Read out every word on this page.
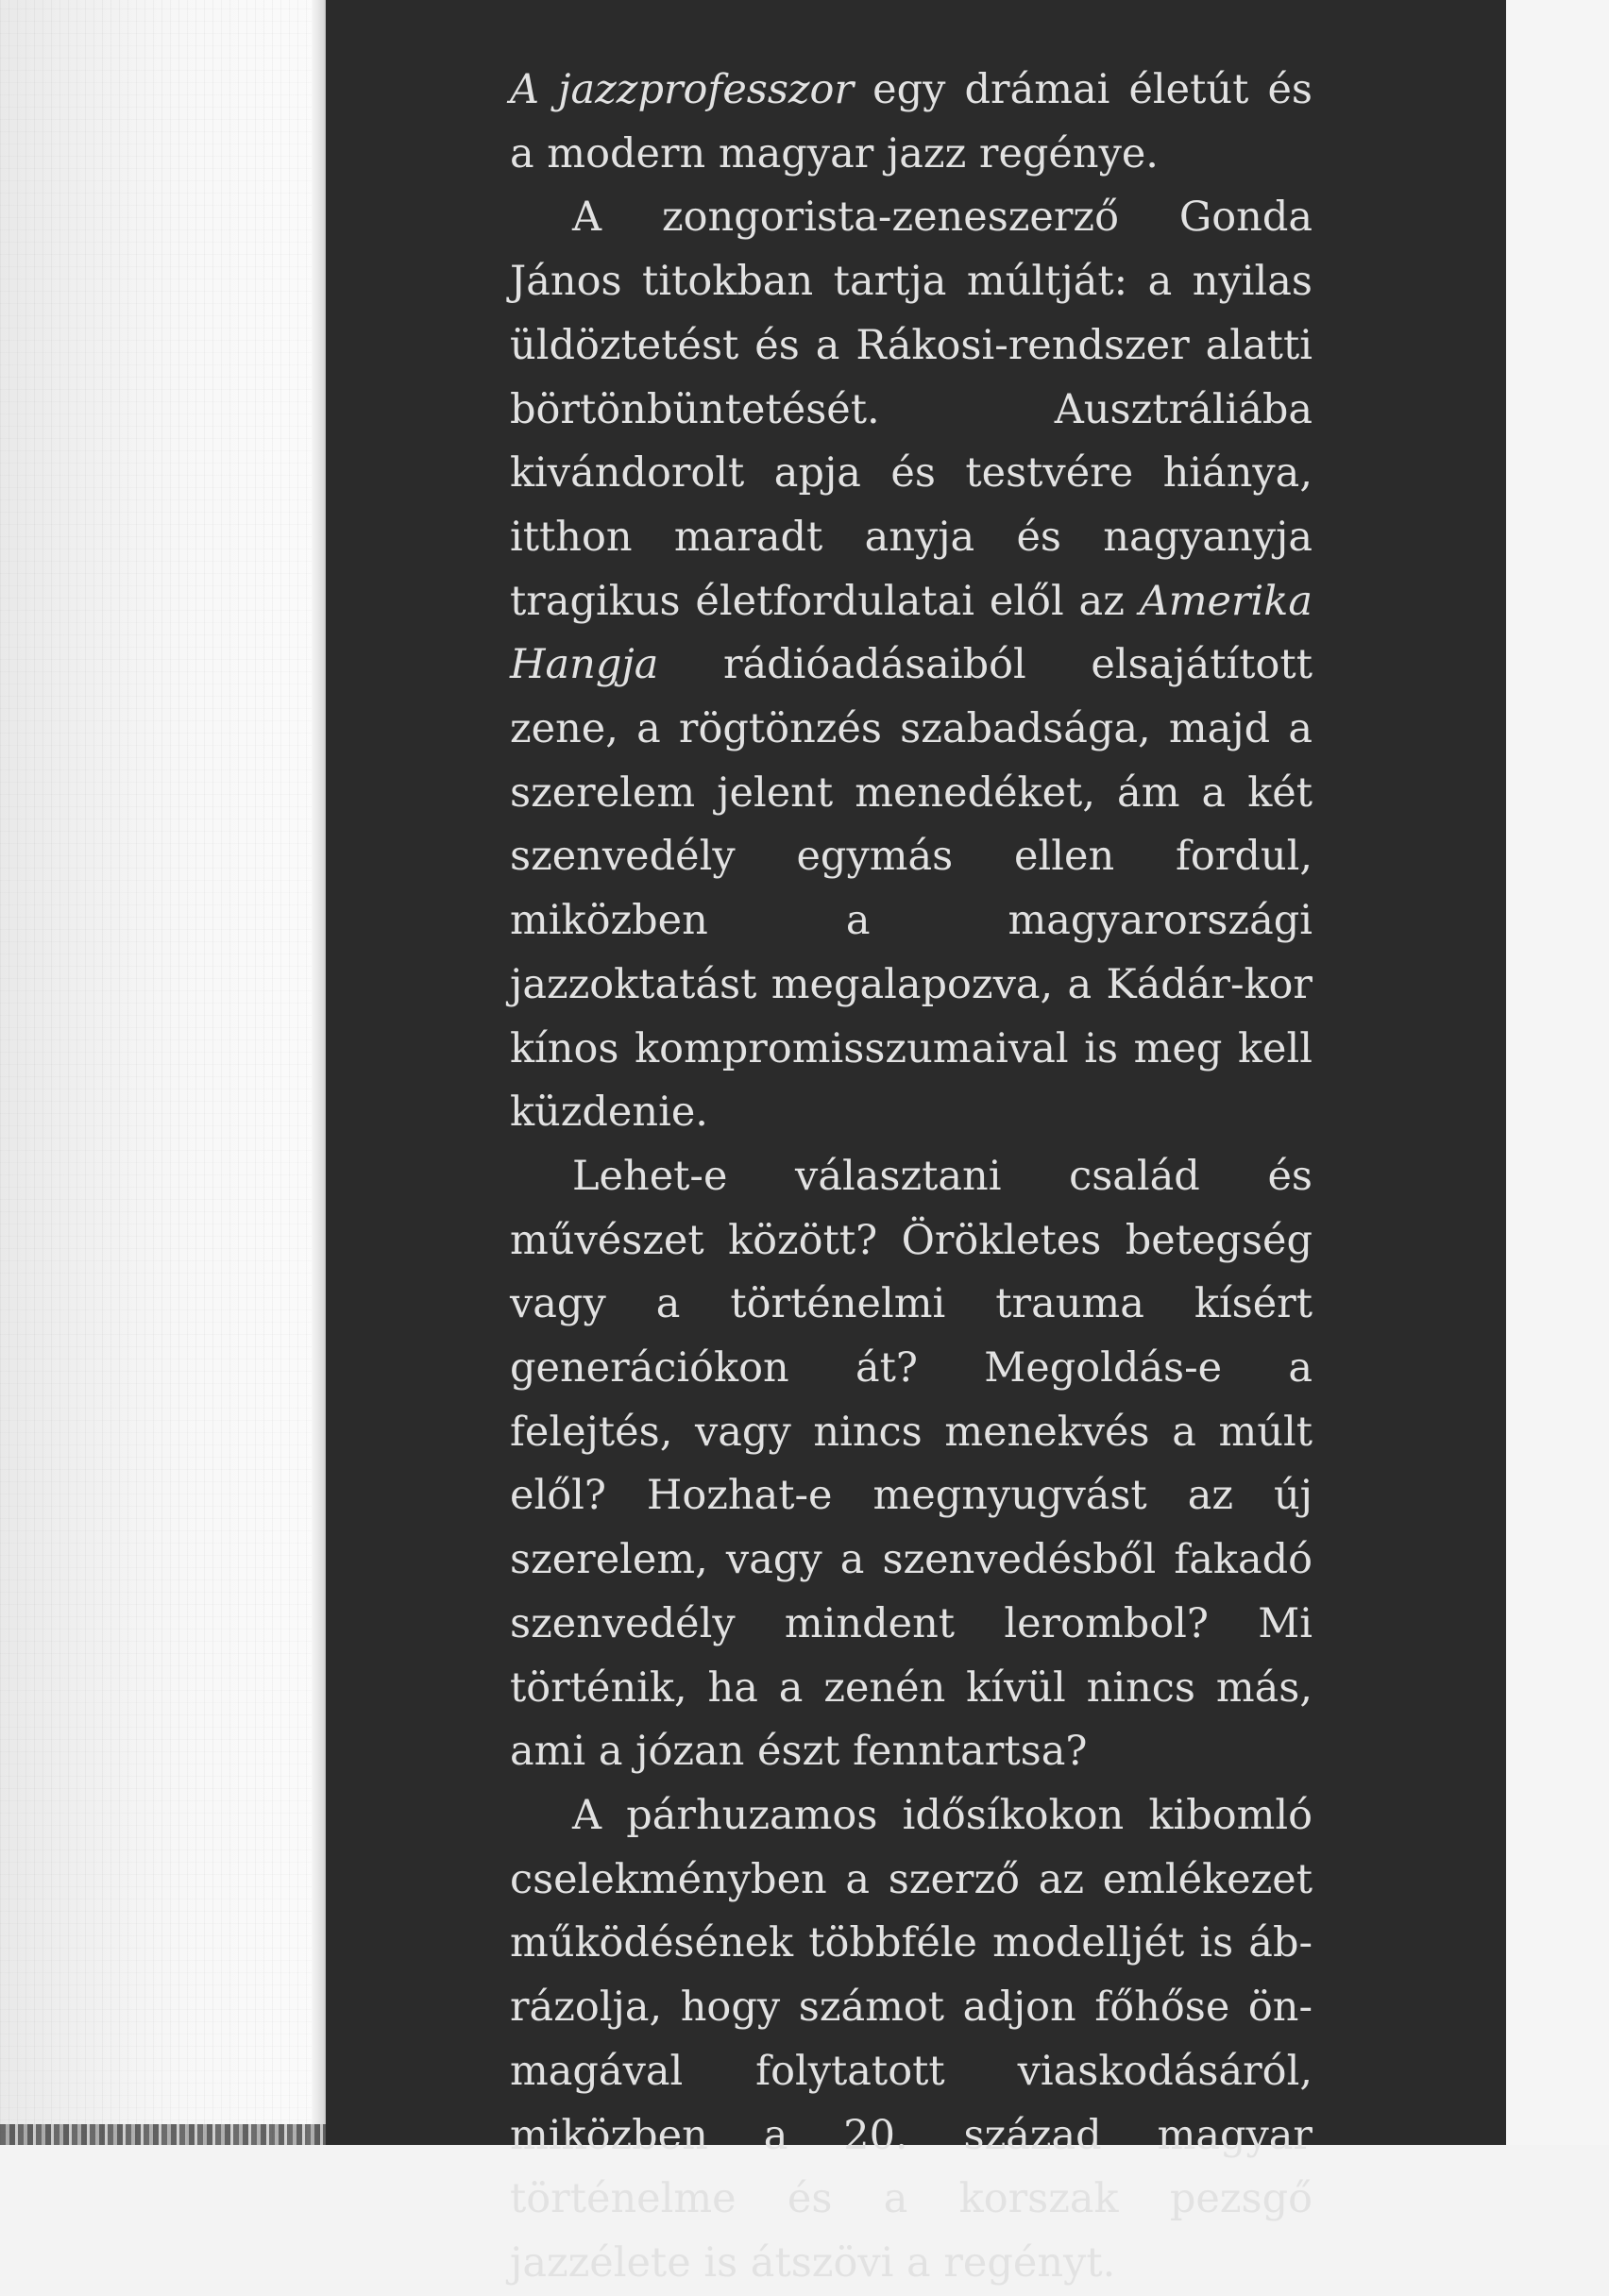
A jazzprofesszor egy drámai életút és a modern magyar jazz regénye.

A zongorista-zeneszerző Gonda János titokban tartja múltját: a nyilas üldöztetést és a Rákosi-rendszer alatti börtönbüntetését. Ausztráliába kivándorolt apja és testvére hiánya, itthon maradt anyja és nagyanyja tragikus életfordulatai elől az Amerika Hangja rádióadásaiból elsajátított zene, a rögtönzés szabadsága, majd a szerelem jelent menedéket, ám a két szenvedély egymás ellen fordul, miközben a magyarországi jazzoktatást megalapozva, a Kádár-kor kínos kompromisszumaival is meg kell küzdenie.

Lehet-e választani család és művészet között? Örökletes betegség vagy a történelmi trauma kísért generációkon át? Megoldás-e a felejtés, vagy nincs menekvés a múlt elől? Hozhat-e megnyugvást az új szerelem, vagy a szenvedésből fakadó szenvedély mindent lerombol? Mi történik, ha a zenén kívül nincs más, ami a józan észt fenntartsa?

A párhuzamos idősíkokon kibomló cselekményben a szerző az emlékezet működésének többféle modelljét is ábrázolja, hogy számot adjon főhőse önmagával folytatott viaskodásáról, miközben a 20. század magyar történelme és a korszak pezsgő jazzélete is átszövi a regényt.
